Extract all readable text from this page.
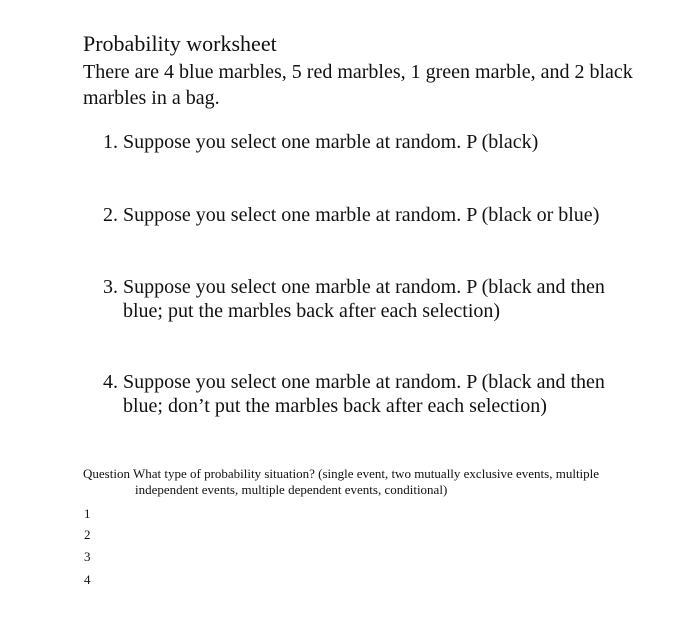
Probability worksheet
There are 4 blue marbles, 5 red marbles, 1 green marble, and 2 black marbles in a bag.
1. Suppose you select one marble at random. P (black)
2. Suppose you select one marble at random. P (black or blue)
3. Suppose you select one marble at random. P (black and then blue; put the marbles back after each selection)
4. Suppose you select one marble at random. P (black and then blue; don’t put the marbles back after each selection)
Question What type of probability situation? (single event, two mutually exclusive events, multiple independent events, multiple dependent events, conditional)
1
2
3
4
